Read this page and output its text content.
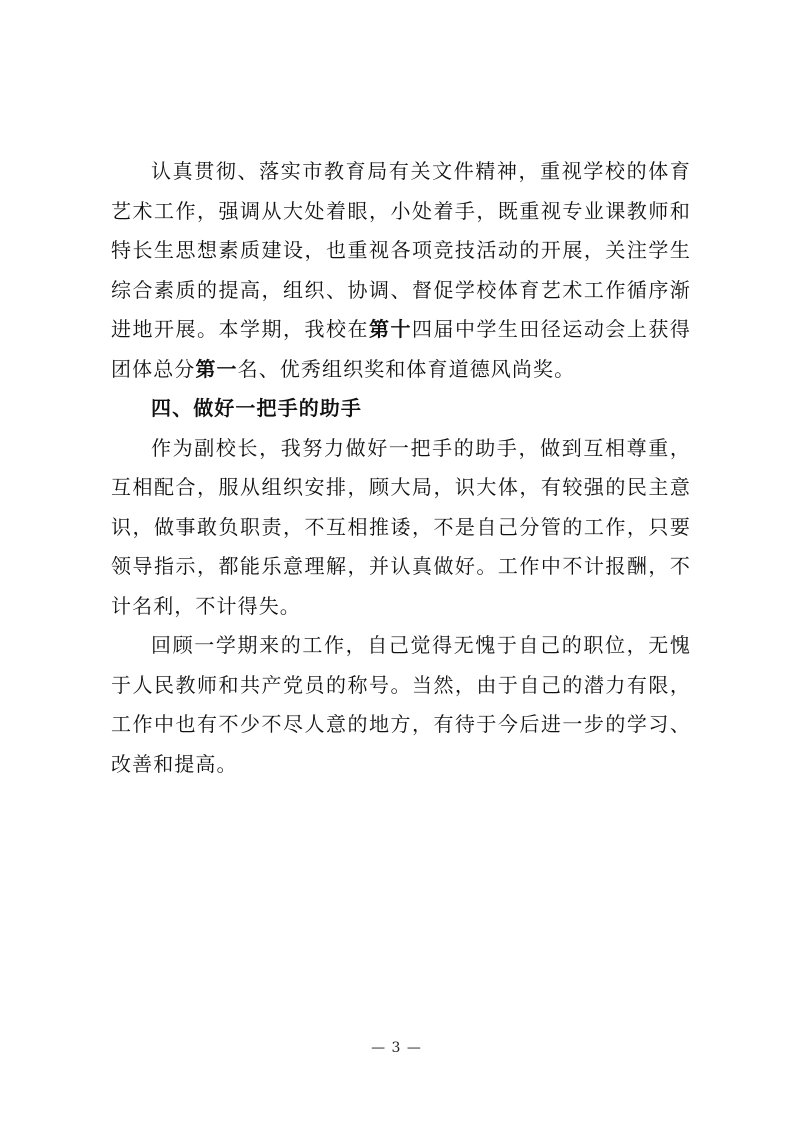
认真贯彻、落实市教育局有关文件精神，重视学校的体育艺术工作，强调从大处着眼，小处着手，既重视专业课教师和特长生思想素质建设，也重视各项竞技活动的开展，关注学生综合素质的提高，组织、协调、督促学校体育艺术工作循序渐进地开展。本学期，我校在第十四届中学生田径运动会上获得团体总分第一名、优秀组织奖和体育道德风尚奖。

四、做好一把手的助手

作为副校长，我努力做好一把手的助手，做到互相尊重，互相配合，服从组织安排，顾大局，识大体，有较强的民主意识，做事敢负职责，不互相推诿，不是自己分管的工作，只要领导指示，都能乐意理解，并认真做好。工作中不计报酬，不计名利，不计得失。

回顾一学期来的工作，自己觉得无愧于自己的职位，无愧于人民教师和共产党员的称号。当然，由于自己的潜力有限，工作中也有不少不尽人意的地方，有待于今后进一步的学习、改善和提高。

— 3 —
